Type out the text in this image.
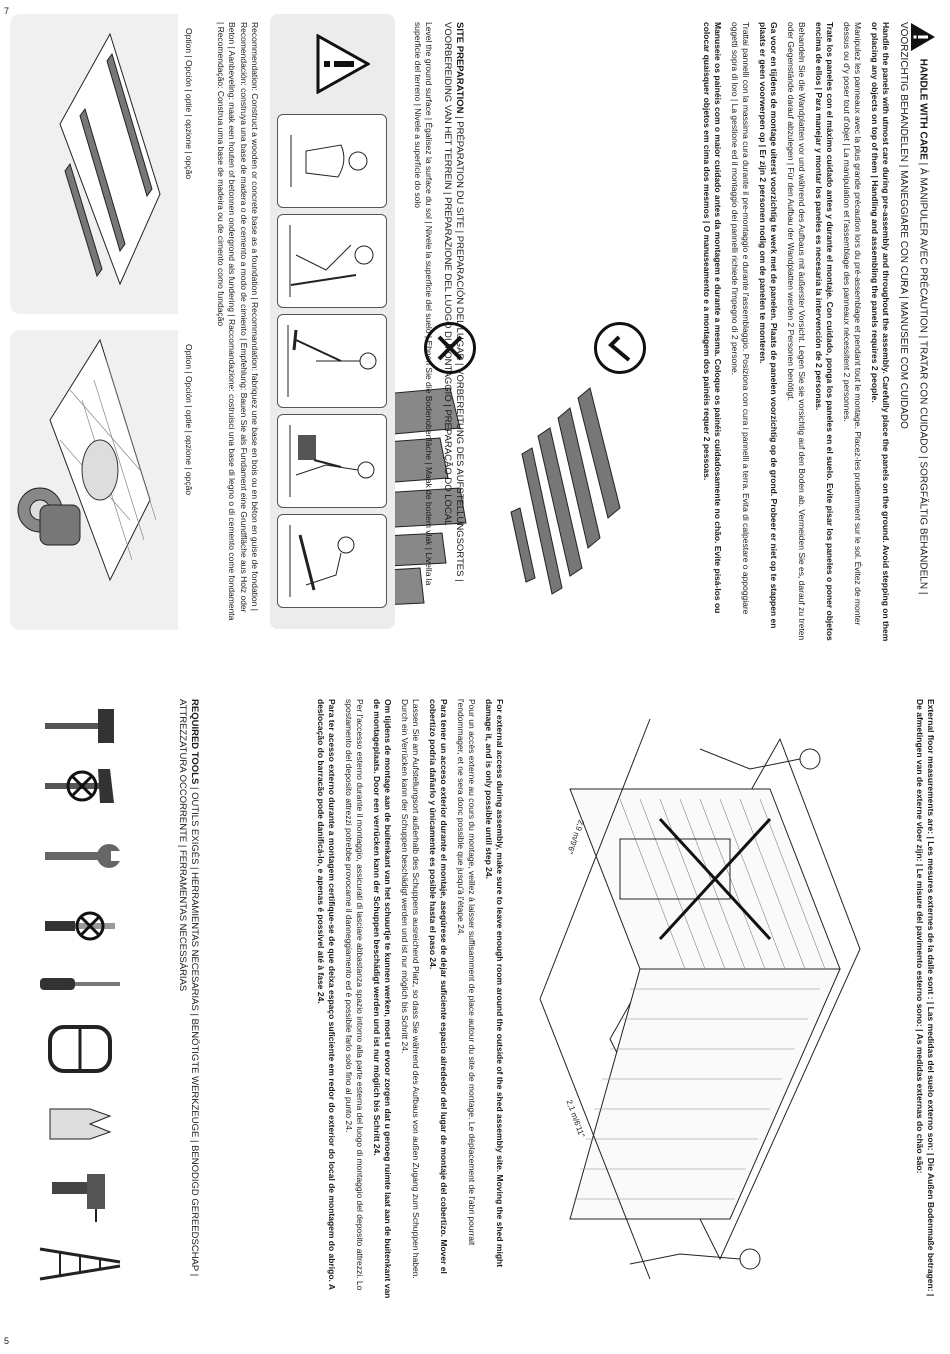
7
5
HANDLE WITH CARE | À MANIPULER AVEC PRÉCAUTION | TRATAR CON CUIDADO | SORGFÄLTIG BEHANDELN | VOORZICHTIG BEHANDELEN | MANEGGIARE CON CURA | MANUSEIE COM CUIDADO

Handle the panels with utmost care during pre-assembly and throughout the assembly. Carefully place the panels on the ground. Avoid stepping on them or placing any objects on top of them | Handling and assembling the panels requires 2 people.

Manipulez les panneaux avec la plus grande précaution lors du pré-assemblage et pendant tout le montage. Placez-les prudemment sur le sol. Évitez de monter dessus ou d'y poser tout d'objet | La manipulation et l'assemblage des panneaux nécessitent 2 personnes.

Trate los paneles con el máximo cuidado antes y durante el montaje. Con cuidado, ponga los paneles en el suelo. Evite pisar los paneles o poner objetos encima de ellos | Para manejar y montar los paneles es necesaria la intervención de 2 personas.

Behandeln Sie die Wandplatten vor und während des Aufbaus mit äußerster Vorsicht. Legen Sie sie vorsichtig auf den Boden ab. Vermeiden Sie es, darauf zu treten oder Gegenstände darauf abzulegen | Für den Aufbau der Wandplatten werden 2 Personen benötigt.

Ga voor en tijdens de montage uiterst voorzichtig te werk met de panelen. Plaats de panelen voorzichtig op de grond. Probeer er niet op te stappen en plaats er geen voorwerpen op | Er zijn 2 personen nodig om de panelen te monteren.

Trattai pannelli con la massima cura durante il pre-montaggio e durante l'assemblaggio. Posiziona con cura i pannelli a terra. Evita di calpestare o appoggiare oggetti sopra di loro | La gestione ed il montaggio dei pannelli richiede l'impegno di 2 persone.

Manuseie os painéis com o maior cuidado antes da montagem e durante a mesma. Coloque os painéis cuidadosamente no chão. Evite pisá-los ou colocar quaisquer objetos em cima dos mesmos | O manuseamento e a montagem dos painéis requer 2 pessoas.

SITE PREPARATION | PRÉPARATION DU SITE | PREPARACIÓN DEL LUGAR | VORBEREITUNG DES AUFSTELLUNGSORTES | VOORBEREIDING VAN HET TERREIN | PREPARAZIONE DEL LUOGO DI MONTAGGIO | PREPARAÇÃO DO LOCAL

Level the ground surface | Égalisez la surface du sol | Nivele la superficie del suelo | Ebnen Sie die Bodenoberfläche | Maak de bodem vlak | Livella la superficie del terreno | Nivele a superfície do solo

Recommendation: Construct a wooden or concrete base as a foundation | Recommandation: fabriquez une base en bois ou en béton en guise de fondation | Recomendación: construya una base de madera o de cemento a modo de cimiento | Empfehlung: Bauen Sie als Fundament eine Grundfläche aus Holz oder Beton | Aanbeveling: maak een houten of betonnen ondergrond als fundering | Raccomandazione: costruisci una base di legno o di cemento come fondamenta | Recomendação: Construa uma base de madeira ou de cimento como fundação

Option | Opción | optie | opzione | opção
Option | Opción | optie | opzione | opção

External floor measurements are: | Les mesures externes de la dalle sont : | Las medidas del suelo externo son: | Die Außen Bodenmaße betragen: | De afmetingen van de externe vloer zijn: | Le misure del pavimento esterno sono: | As medidas externas do chão são:

2,9 m/9'6"
2,1 m/6'11"

For external access during assembly, make sure to leave enough room around the outside of the shed assembly site. Moving the shed might damage it, and is only possible until step 24.

Pour un accès externe au cours du montage, veillez à laisser suffisamment de place autour du site de montage. Le déplacement de l'abri pourrait l'endommager, et ne sera donc possible que jusqu'à l'étape 24.

Para tener un acceso exterior durante el montaje, asegúrese de dejar suficiente espacio alrededor del lugar de montaje del cobertizo. Mover el cobertizo podría dañarlo y únicamente es posible hasta el paso 24.

Lassen Sie am Aufstellungsort außerhalb des Schuppens ausreichend Platz, so dass Sie während des Aufbaus von außen Zugang zum Schuppen haben. Durch ein Verrücken kann der Schuppen beschädigt werden und ist nur möglich bis Schritt 24.

Om tijdens de montage aan de buitenkant van het schuurtje te kunnen werken, moet u ervoor zorgen dat u genoeg ruimte laat aan de buitenkant van de montageplaats. Door een verrücken kann der Schuppen beschädigt werden und ist nur möglich bis Schritt 24.

Per l'accesso esterno durante il montaggio, assicurati di lasciare abbastanza spazio intorno alla parte esterna del luogo di montaggio del deposito attrezzi. Lo spostamento del deposito attrezzi potrebbe provocarne il danneggiamento ed è possibile farlo solo fino al punto 24.

Para ter acesso externo durante a montagem certifique-se de que deixa espaço suficiente em redor do exterior do local de montagem do abrigo. A deslocação do barracão pode danificá-lo, e apenas é possível até à fase 24.

REQUIRED TOOLS | OUTILS EXIGÉS | HERRAMIENTAS NECESARIAS | BENÖTIGTE WERKZEUGE | BENODIGD GEREEDSCHAP | ATTREZZATURA OCCORRENTE | FERRAMENTAS NECESSÁRIAS
